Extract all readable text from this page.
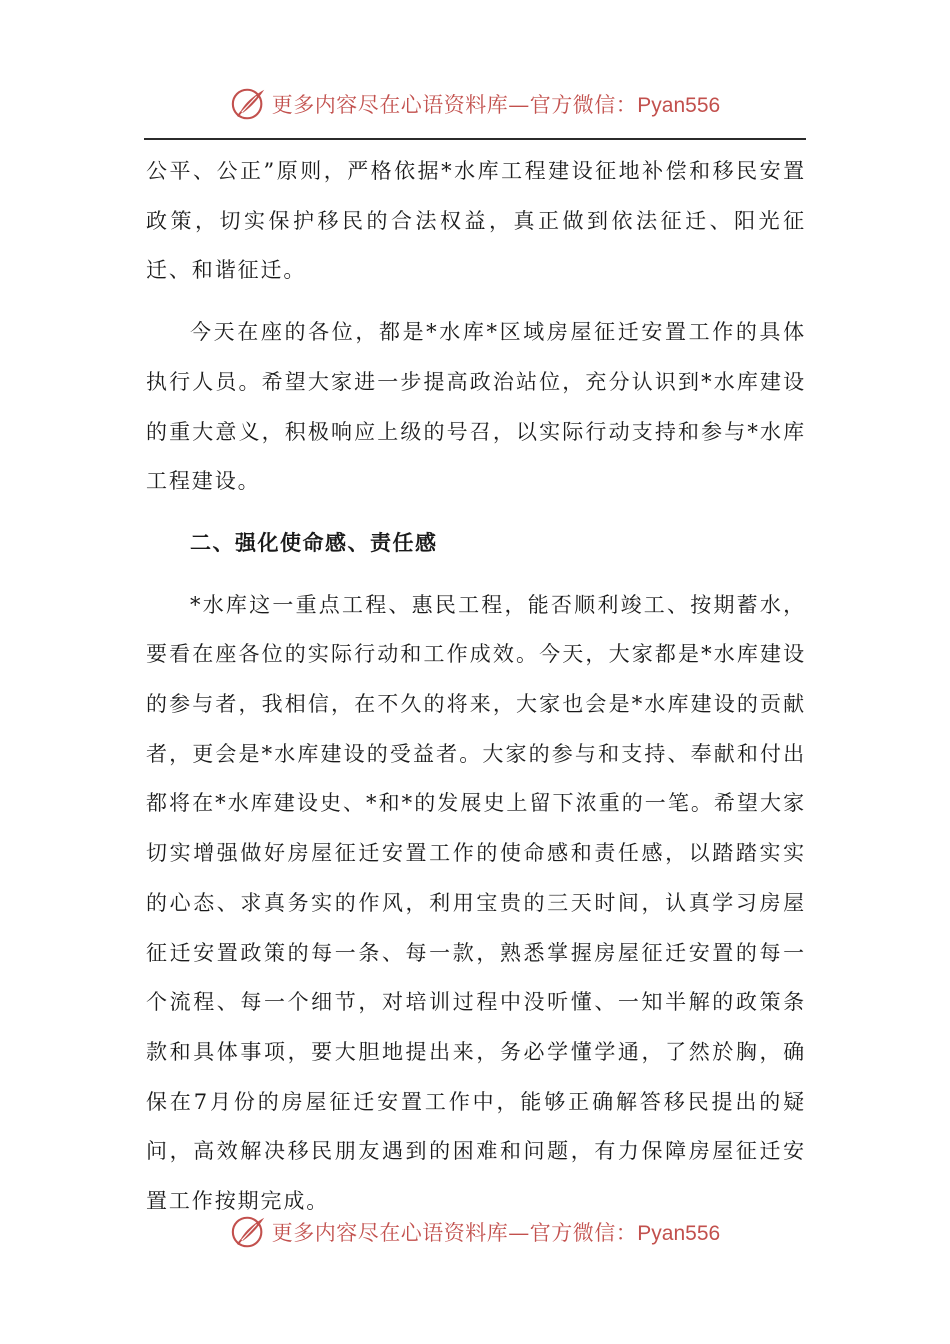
更多内容尽在心语资料库—官方微信：Pyan556

公平、公正”原则，严格依据*水库工程建设征地补偿和移民安置政策，切实保护移民的合法权益，真正做到依法征迁、阳光征迁、和谐征迁。

今天在座的各位，都是*水库*区域房屋征迁安置工作的具体执行人员。希望大家进一步提高政治站位，充分认识到*水库建设的重大意义，积极响应上级的号召，以实际行动支持和参与*水库工程建设。

二、强化使命感、责任感

*水库这一重点工程、惠民工程，能否顺利竣工、按期蓄水，要看在座各位的实际行动和工作成效。今天，大家都是*水库建设的参与者，我相信，在不久的将来，大家也会是*水库建设的贡献者，更会是*水库建设的受益者。大家的参与和支持、奉献和付出都将在*水库建设史、*和*的发展史上留下浓重的一笔。希望大家切实增强做好房屋征迁安置工作的使命感和责任感，以踏踏实实的心态、求真务实的作风，利用宝贵的三天时间，认真学习房屋征迁安置政策的每一条、每一款，熟悉掌握房屋征迁安置的每一个流程、每一个细节，对培训过程中没听懂、一知半解的政策条款和具体事项，要大胆地提出来，务必学懂学通，了然於胸，确保在7月份的房屋征迁安置工作中，能够正确解答移民提出的疑问，高效解决移民朋友遇到的困难和问题，有力保障房屋征迁安置工作按期完成。

更多内容尽在心语资料库—官方微信：Pyan556
